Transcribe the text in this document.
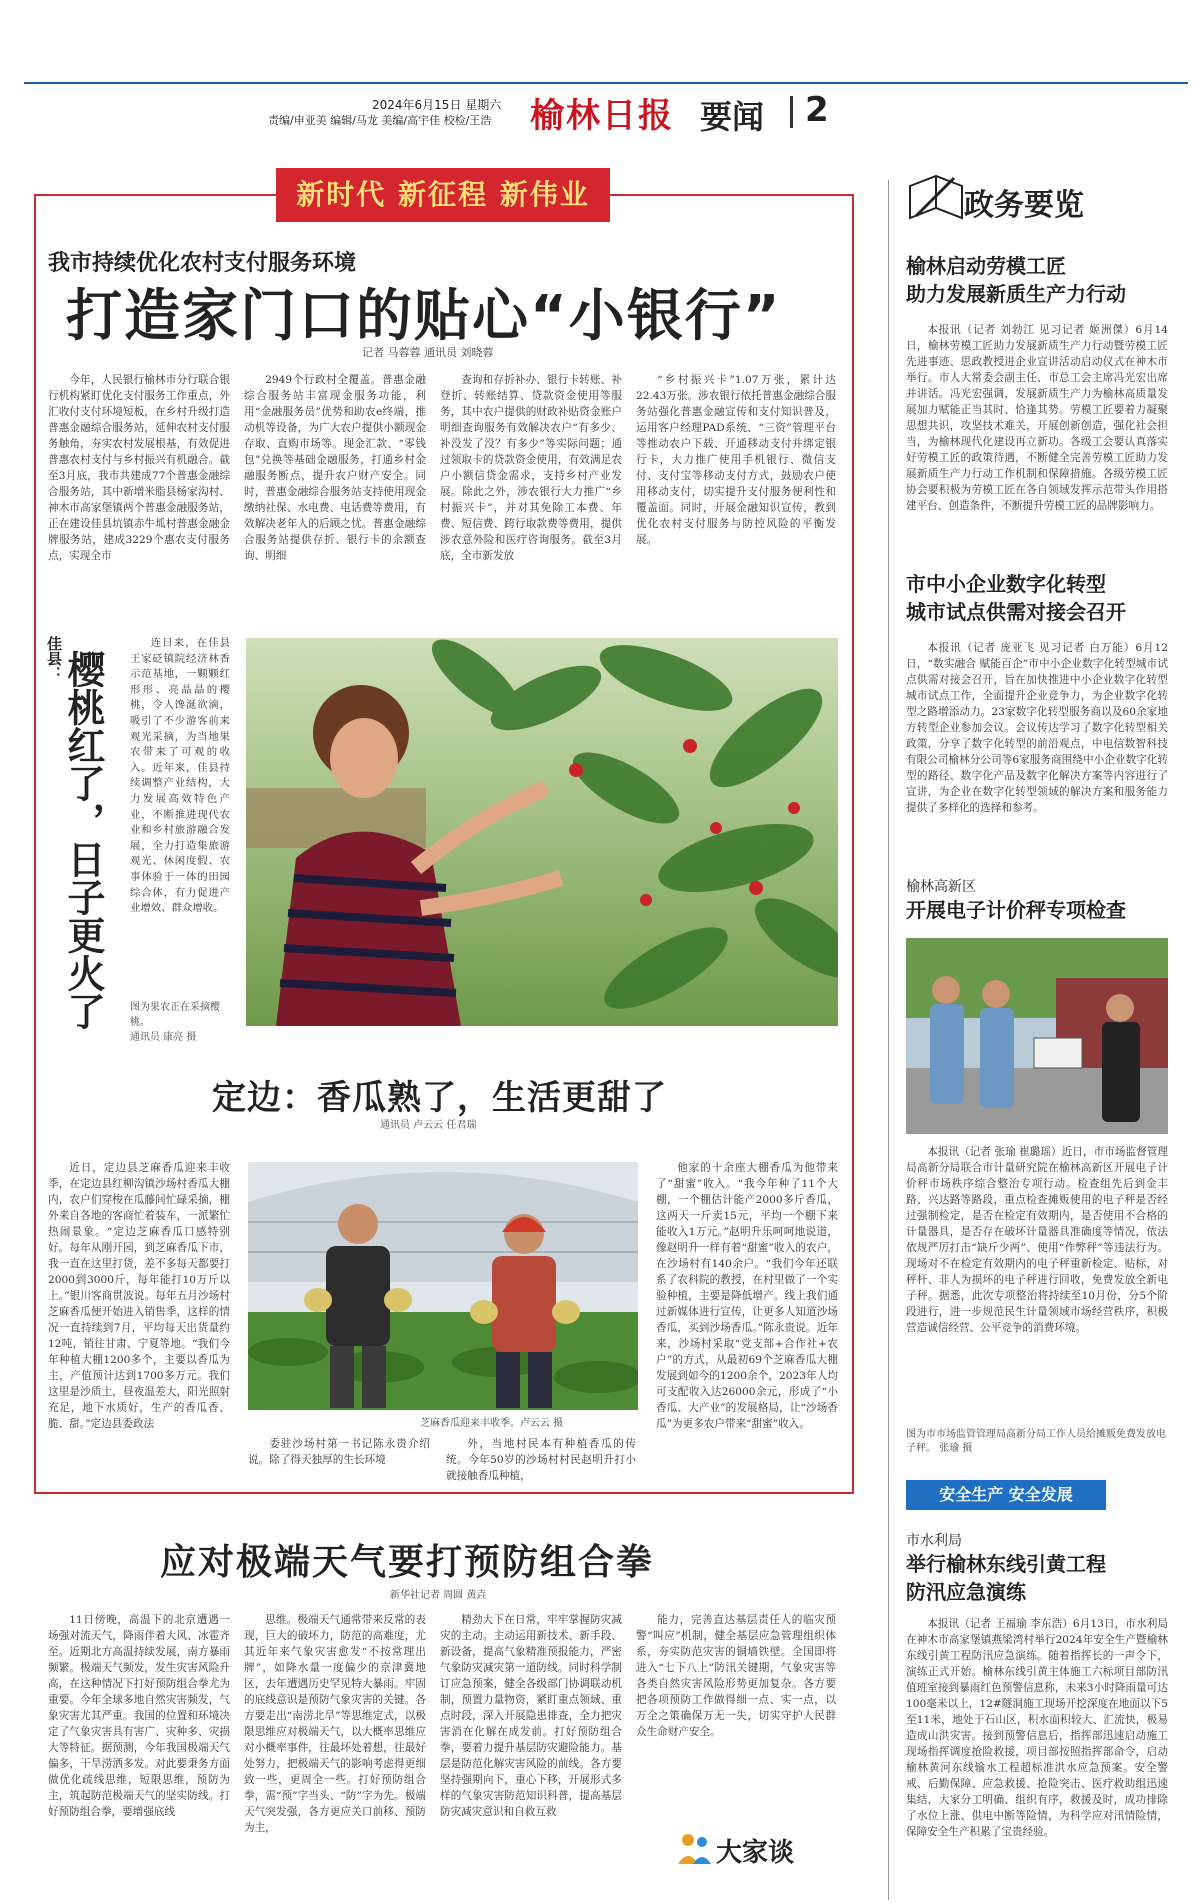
2024年6月15日 星期六
责编/申亚美 编辑/马龙 美编/高宇佳 校检/王浩 榆林日报 要闻 2
新时代 新征程 新伟业
我市持续优化农村支付服务环境
打造家门口的贴心“小银行”
记者 马蓉蓉 通讯员 刘晓蓉

今年，人民银行榆林市分行联合银行机构紧盯优化支付服务工作重点，外汇收付支付环境短板，在乡村升级打造普惠金融综合服务站，延伸农村支付服务触角，夯实农村发展根基，有效促进普惠农村支付与乡村振兴有机融合。截至3月底，我市共建成77个普惠金融综合服务站，其中新增米脂县杨家沟村、神木市高家堡镇两个普惠金融服务站，正在建设佳县坑镇赤牛坬村普惠金融金牌服务站，建成3229个惠农支付服务点，实现全市

2949个行政村全覆盖。普惠金融综合服务站丰富现金服务功能，利用“金融服务员”优势和助农e终端，推动机等设备，为广大农户提供小额现金存取、直购市场等。现金汇款、“零钱包”兑换等基础金融服务，打通乡村金融服务断点，提升农户财产安全。同时，普惠金融综合服务站支持使用现金缴纳社保、水电费、电话费等费用，有效解决老年人的后顾之忧。普惠金融综合服务站提供存折、银行卡的余额查询、明细

查询和存折补办、银行卡转账、补登折、转账结算、贷款资金使用等服务，其中农户提供的财政补贴资金账户明细查询服务有效解决农户“有多少、补没发了没？有多少”等实际问题；通过领取卡的贷款资金使用，有效满足农户小额信贷金需求，支持乡村产业发展。除此之外，涉农银行大力推广“乡村振兴卡”，并对其免除工本费、年费、短信费、跨行取款费等费用，提供涉农意外险和医疗咨询服务。截至3月底，全市新发放

“乡村振兴卡”1.07万张，累计达22.43万张。涉农银行依托普惠金融综合服务站强化普惠金融宣传和支付知识普及，运用客户经理PAD系统、“三资”管理平台等推动农户下载、开通移动支付并绑定银行卡，大力推广使用手机银行、微信支付、支付宝等移动支付方式，鼓励农户使用移动支付，切实提升支付服务便利性和覆盖面。同时，开展金融知识宣传，教到优化农村支付服务与防控风险的平衡发展。

佳县：
樱桃红了，日子更火了

连日来，在佳县王家砭镇院经济林香示范基地，一颗颗红形形、亮晶晶的樱桃，令人馋涎欲滴，吸引了不少游客前来观光采摘，为当地果农带来了可观的收入。近年来，佳县持续调整产业结构，大力发展高效特色产业，不断推进现代农业和乡村旅游融合发展，全力打造集旅游观光、休闲度假、农事体验于一体的田园综合体，有力促进产业增效、群众增收。

图为果农正在采摘樱桃。
通讯员 康亮 摄
定边：香瓜熟了，生活更甜了
通讯员 卢云云 任君瑞

近日，定边县芝麻香瓜迎来丰收季，在定边县红柳沟镇沙场村香瓜大棚内，农户们穿梭在瓜藤间忙碌采摘，棚外来自各地的客商忙着装车，一派繁忙热闹景象。“定边芝麻香瓜口感特别好。每年从刚开园，到芝麻香瓜下市，我一直在这里打货，差不多每天都要打2000到3000斤，每年能打10万斤以上。”银川客商贯波说。每年五月沙场村芝麻香瓜便开始进入销售季，这样的情况一直持续到7月，平均每天出货量约12吨，销往甘肃、宁夏等地。“我们今年种植大棚1200多个，主要以香瓜为主，产值预计达到1700多万元。我们这里是沙质土，昼夜温差大，阳光照射充足，地下水质好，生产的香瓜香、脆、甜。”定边县委政法	芝麻香瓜迎来丰收季。卢云云 摄

委驻沙场村第一书记陈永贵介绍说。除了得天独厚的生长环境

外，当地村民本有种植香瓜的传统。今年50岁的沙场村村民赵明升打小就接触香瓜种植，

他家的十余座大棚香瓜为他带来了“甜蜜”收入。“我今年种了11个大棚，一个棚估计能产2000多斤香瓜，这两天一斤卖15元，平均一个棚下来能收入1万元。”赵明升乐呵呵地说道，像赵明升一样有着“甜蜜”收入的农户，在沙场村有140余户。“我们今年还联系了农科院的教授，在村里做了一个实验种植，主要是降低增产。线上我们通过新媒体进行宣传，让更多人知道沙场香瓜，买到沙场香瓜。”陈永贵说。近年来，沙场村采取“党支部+合作社+农户”的方式，从最初69个芝麻香瓜大棚发展到如今的1200余个，2023年人均可支配收入达26000余元，形成了“小香瓜、大产业”的发展格局，让“沙场香瓜”为更多农户带来“甜蜜”收入。

应对极端天气要打预防组合拳
新华社记者 周圆 黄垚

11日傍晚，高温下的北京遭遇一场强对流天气，降雨伴着大风、冰雹齐至。近期北方高温持续发展，南方暴雨频繁。极端天气频发，发生灾害风险升高，在这种情况下打好预防组合拳尤为重要。今年全球多地自然灾害频发，气象灾害尤其严重。我国的位置和环境决定了气象灾害具有害广、灾种多、灾损大等特征。据预测，今年我国极端天气偏多，干旱涝洒多发。对此要秉务方面做优化疏线思维，短限思维，预防为主，筑起防范极端天气的坚实防线。打好预防组合拳，要增强底线

思维。极端天气通常带来反常的表现，巨大的破坏力，防范的高难度，尤其近年来气象灾害愈发“不按常理出牌”，如降水量一度偏少的京津冀地区，去年遭遇历史罕见特大暴雨。牢固的底线意识是预防气象灾害的关键。各方要走出“南涝北旱”等思维定式，以极限思维应对极端天气，以大概率思维应对小概率事件，往最坏处着想，往最好处努力，把极端天气的影响考虑得更细致一些，更周全一些。打好预防组合拳，需“预”字当头、“防”字为先。极端天气突发强，各方更应关口前移、预防为主，

精劲大下在日常，牢牢掌握防灾减灾的主动。主动运用新技术、新手段、新设备，提高气象精准预报能力，严密气象防灾减灾第一道防线。同时科学制订应急预案，健全各级部门协调联动机制，预置力量物资，紧盯重点领域、重点时段，深入开展隐患排查，全力把灾害消在化解在成发前。打好预防组合拳，要着力提升基层防灾避险能力。基层是防范化解灾害风险的前线。各方要坚持强期向下，重心下移，开展形式多样的气象灾害防范知识科普，提高基层防灾减灾意识和自救互救

能力，完善直达基层责任人的临灾预警“叫应”机制，健全基层应急管理组织体系，夯实防范灾害的铜墙铁壁。全国即将进入“七下八上”防汛关键期，气象灾害等各类自然灾害风险形势更加复杂。各方要把各项预防工作做得细一点、实一点，以万全之策确保万无一失，切实守护人民群众生命财产安全。

大家谈
政务要览
榆林启动劳模工匠
助力发展新质生产力行动

本报讯（记者 刘勃江 见习记者 姬洲傑）6月14日，榆林劳模工匠助力发展新质生产力行动暨劳模工匠先进事迹、思政教授进企业宣讲活动启动仪式在神木市举行。市人大常委会副主任、市总工会主席冯光宏出席并讲话。冯光宏强调，发展新质生产力为榆林高质量发展加力赋能正当其时、恰逢其势。劳模工匠要着力凝聚思想共识，攻坚技术难关，开展创新创造，强化社会担当，为榆林现代化建设再立新功。各级工会要认真落实好劳模工匠的政策待遇，不断健全完善劳模工匠助力发展新质生产力行动工作机制和保障措施。各级劳模工匠协会要积极为劳模工匠在各自领域发挥示范带头作用搭建平台、创造条件，不断提升劳模工匠的品牌影响力。

市中小企业数字化转型
城市试点供需对接会召开

本报讯（记者 庞亚飞 见习记者 白万能）6月12日，“数实融合 赋能百企”市中小企业数字化转型城市试点供需对接会召开，旨在加快推进中小企业数字化转型城市试点工作，全面提升企业竞争力，为企业数字化转型之路增添动力。23家数字化转型服务商以及60余家地方转型企业参加会议。会议传达学习了数字化转型相关政策，分享了数字化转型的前沿观点，中电信数智科技有限公司榆林分公司等6家服务商围绕中小企业数字化转型的路径、数字化产品及数字化解决方案等内容进行了宣讲，为企业在数字化转型领域的解决方案和服务能力提供了多样化的选择和参考。

榆林高新区
开展电子计价秤专项检查

本报讯（记者 张瑜 崔璐瑶）近日，市市场监督管理局高新分局联合市计量研究院在榆林高新区开展电子计价秤市场秩序综合整治专项行动。检查组先后到金丰路、兴达路等路段，重点检查摊贩使用的电子秤是否经过强制检定，是否在检定有效期内，是否使用不合格的计量器具，是否存在破坏计量器具准确度等情况，依法依规严厉打击“缺斤少两”、使用“作弊秤”等违法行为。现场对不在检定有效期内的电子秤重新检定、贴标，对秤杆、非人为损坏的电子秤进行回收，免费发放全新电子秤。据悉，此次专项整治将持续至10月份，分5个阶段进行，进一步规范民生计量领域市场经营秩序，积极营造诚信经营、公平竞争的消费环境。

图为市市场监管管理局高新分局工作人员给摊贩免费发放电子秤。 张瑜 摄
安全生产 安全发展
市水利局
举行榆林东线引黄工程
防汛应急演练

本报讯（记者 王福瑜 李东浩）6月13日，市水利局在神木市高家堡镇燕梁湾村举行2024年安全生产暨榆林东线引黄工程防汛应急演练。随着指挥长的一声令下，演练正式开始。榆林东线引黄主体施工六标项目部防汛值班室接到暴雨红色预警信息称，未来3小时降雨量可达100毫米以上，12#隧洞施工现场开挖深度在地面以下5至11米，地处于石山区，积水面积较大、汇流快，极易造成山洪灾害。接到预警信息后，指挥部迅速启动施工现场指挥调度抢险救援，项目部按照指挥部命令，启动榆林黄河东线输水工程超标准洪水应急预案。安全警戒、后勤保障、应急救援、抢险突击、医疗救助组迅速集结，大家分工明确、组织有序，救援及时，成功排除了水位上涨、供电中断等险情，为科学应对汛情险情，保障安全生产积累了宝贵经验。
